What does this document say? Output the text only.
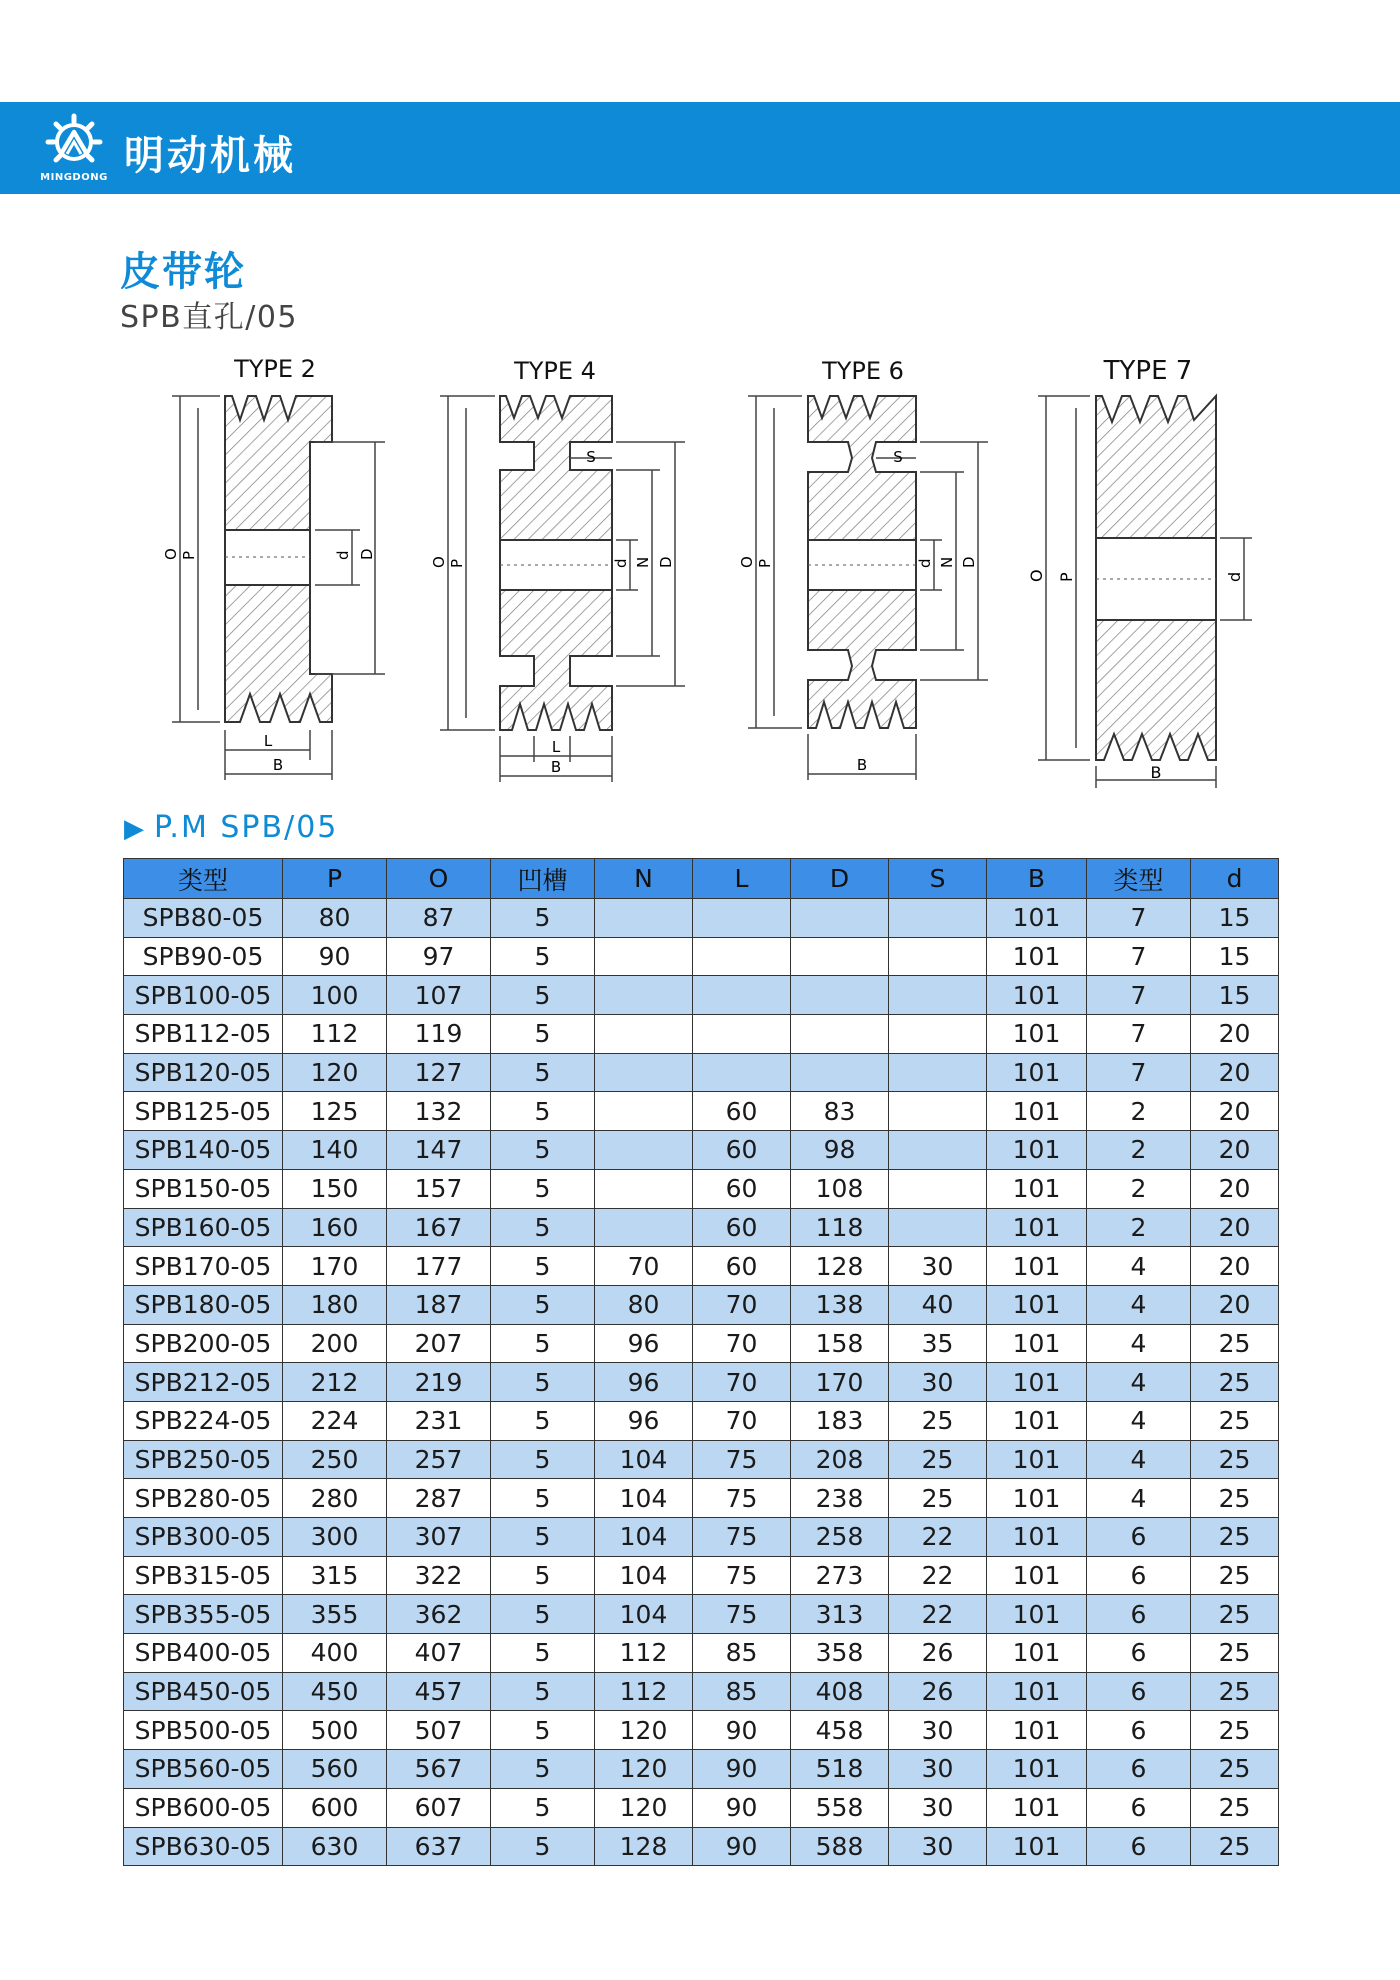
MINGDONG 明动机械
皮带轮
SPB直孔/05
TYPE 2
O P	d D
L
B
TYPE 4
O P
S
d N D
L
B
TYPE 6
O P
S
d N D
B
TYPE 7
O P	d
B
▶ P.M SPB/05
类型	P	O	凹槽	N	L	D	S	B	类型	d
SPB80-05	80	87	5					101	7	15
SPB90-05	90	97	5					101	7	15
SPB100-05	100	107	5					101	7	15
SPB112-05	112	119	5					101	7	20
SPB120-05	120	127	5					101	7	20
SPB125-05	125	132	5		60	83		101	2	20
SPB140-05	140	147	5		60	98		101	2	20
SPB150-05	150	157	5		60	108		101	2	20
SPB160-05	160	167	5		60	118		101	2	20
SPB170-05	170	177	5	70	60	128	30	101	4	20
SPB180-05	180	187	5	80	70	138	40	101	4	20
SPB200-05	200	207	5	96	70	158	35	101	4	25
SPB212-05	212	219	5	96	70	170	30	101	4	25
SPB224-05	224	231	5	96	70	183	25	101	4	25
SPB250-05	250	257	5	104	75	208	25	101	4	25
SPB280-05	280	287	5	104	75	238	25	101	4	25
SPB300-05	300	307	5	104	75	258	22	101	6	25
SPB315-05	315	322	5	104	75	273	22	101	6	25
SPB355-05	355	362	5	104	75	313	22	101	6	25
SPB400-05	400	407	5	112	85	358	26	101	6	25
SPB450-05	450	457	5	112	85	408	26	101	6	25
SPB500-05	500	507	5	120	90	458	30	101	6	25
SPB560-05	560	567	5	120	90	518	30	101	6	25
SPB600-05	600	607	5	120	90	558	30	101	6	25
SPB630-05	630	637	5	128	90	588	30	101	6	25
